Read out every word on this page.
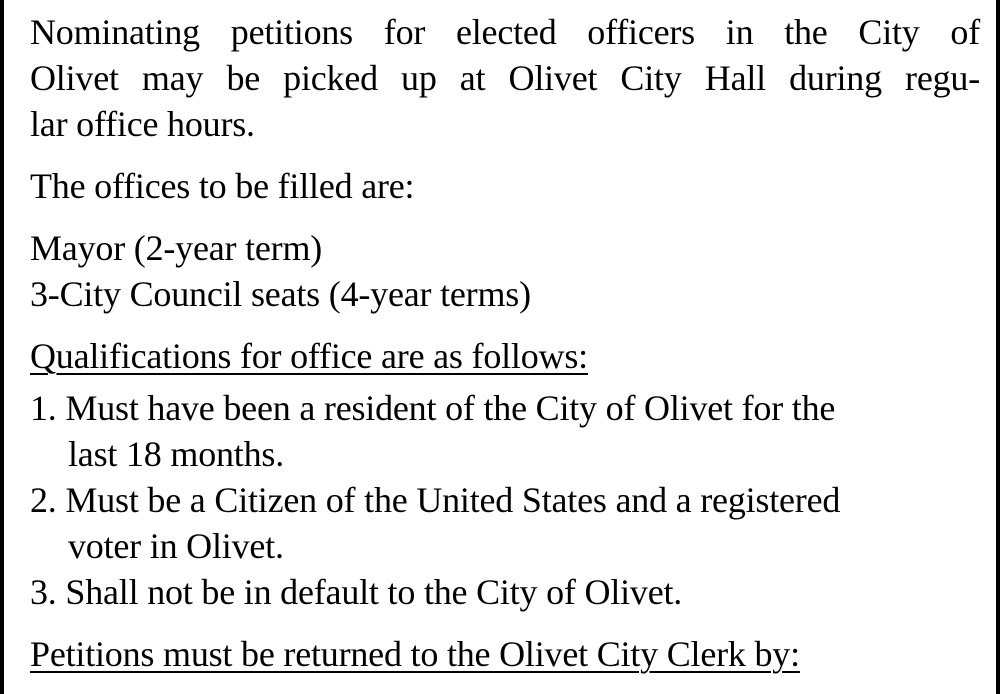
Nominating petitions for elected officers in the City of
Olivet may be picked up at Olivet City Hall during regu-
lar office hours.
The offices to be filled are:
Mayor (2-year term)
3-City Council seats (4-year terms)
Qualifications for office are as follows:
1. Must have been a resident of the City of Olivet for the
last 18 months.
2. Must be a Citizen of the United States and a registered
voter in Olivet.
3. Shall not be in default to the City of Olivet.
Petitions must be returned to the Olivet City Clerk by:
